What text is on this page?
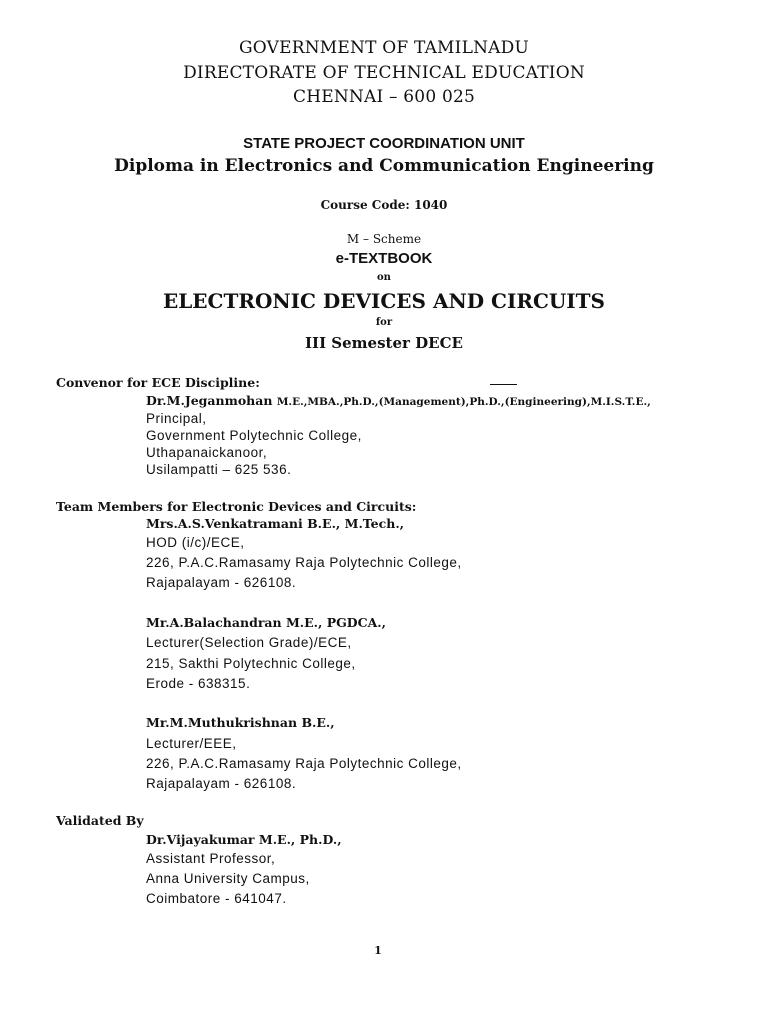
GOVERNMENT OF TAMILNADU
DIRECTORATE OF TECHNICAL EDUCATION
CHENNAI – 600 025
STATE PROJECT COORDINATION UNIT
Diploma in Electronics and Communication Engineering
Course Code: 1040
M – Scheme
e-TEXTBOOK
on
ELECTRONIC DEVICES AND CIRCUITS
for
III Semester DECE
Convenor for ECE Discipline:
Dr.M.Jeganmohan M.E.,MBA.,Ph.D.,(Management),Ph.D.,(Engineering),M.I.S.T.E.,
Principal,
Government Polytechnic College,
Uthapanaickanoor,
Usilampatti – 625 536.
Team Members for Electronic Devices and Circuits:
Mrs.A.S.Venkatramani B.E., M.Tech.,
HOD (i/c)/ECE,
226, P.A.C.Ramasamy Raja Polytechnic College,
Rajapalayam - 626108.
Mr.A.Balachandran M.E., PGDCA.,
Lecturer(Selection Grade)/ECE,
215, Sakthi Polytechnic College,
Erode - 638315.
Mr.M.Muthukrishnan B.E.,
Lecturer/EEE,
226, P.A.C.Ramasamy Raja Polytechnic College,
Rajapalayam - 626108.
Validated By
Dr.Vijayakumar M.E., Ph.D.,
Assistant Professor,
Anna University Campus,
Coimbatore - 641047.
1
